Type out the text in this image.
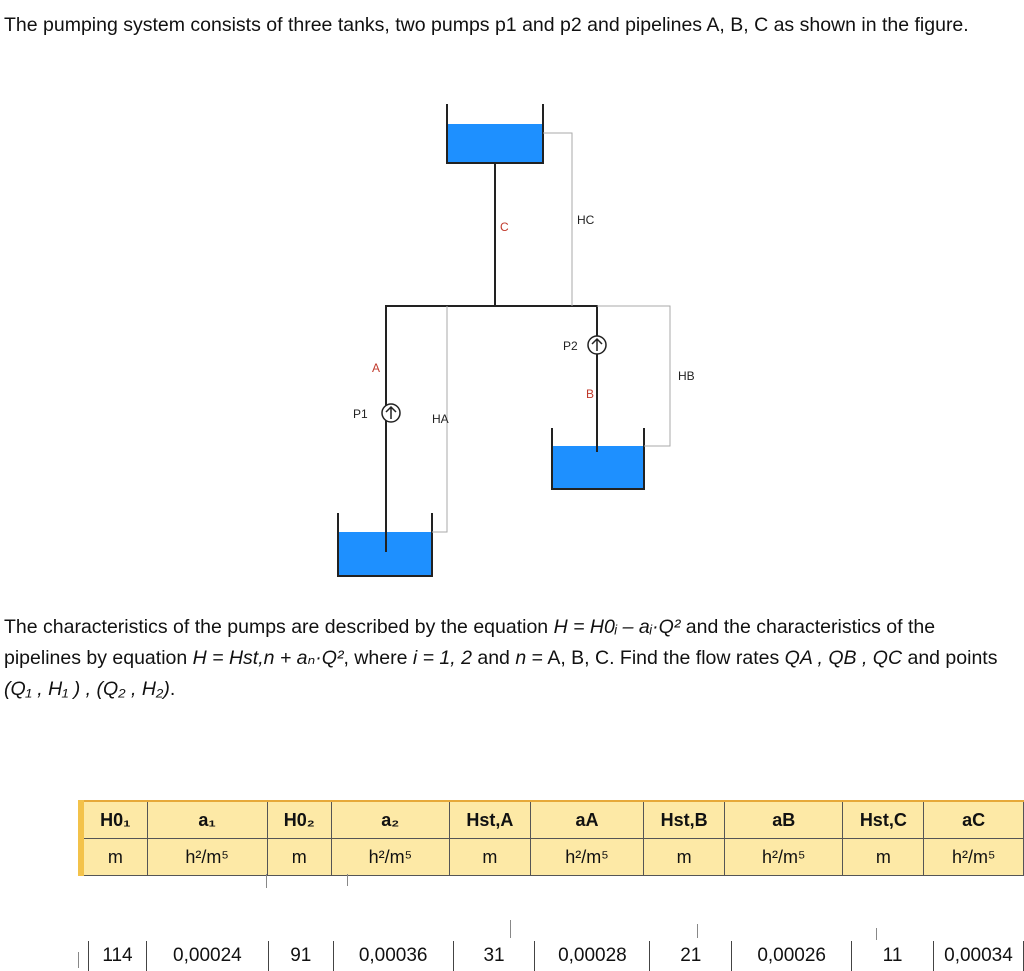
The pumping system consists of three tanks, two pumps p1 and p2 and pipelines A, B, C as shown in the figure.

P1
P2
A
B
C	HC
HB
HA

The characteristics of the pumps are described by the equation H = H0ᵢ – aᵢ·Q² and the characteristics of the pipelines by equation H = Hst,n + aₙ·Q², where i = 1, 2 and n = A, B, C. Find the flow rates QA , QB , QC and points (Q₁ , H₁ ) , (Q₂ , H₂).

H0₁	a₁	H0₂	a₂	Hst,A	aA	Hst,B	aB	Hst,C	aC
m	h²/m⁵	m	h²/m⁵	m	h²/m⁵	m	h²/m⁵	m	h²/m⁵
114	0,00024	91	0,00036	31	0,00028	21	0,00026	11	0,00034
